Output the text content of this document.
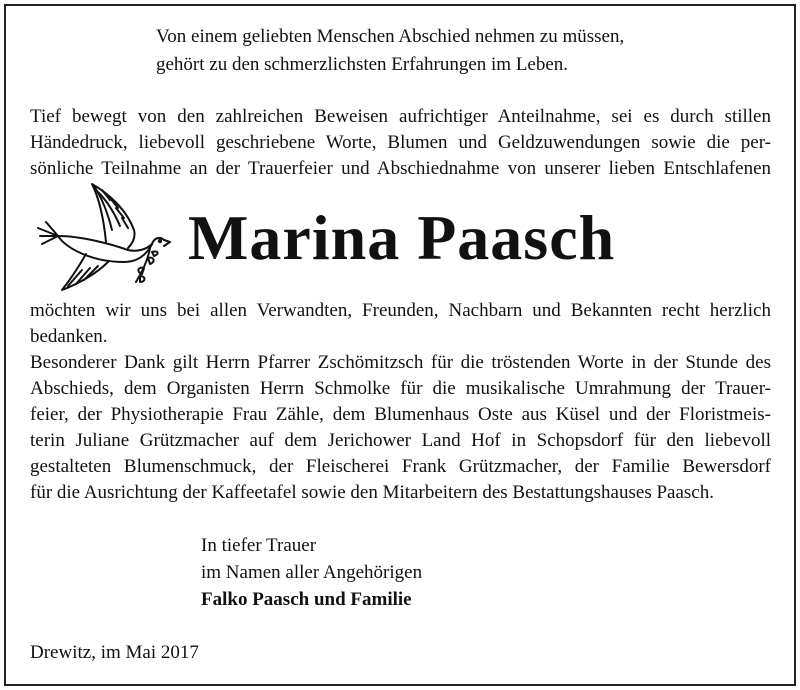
Von einem geliebten Menschen Abschied nehmen zu müssen,
gehört zu den schmerzlichsten Erfahrungen im Leben.
Tief bewegt von den zahlreichen Beweisen aufrichtiger Anteilnahme, sei es durch stillen
Händedruck, liebevoll geschriebene Worte, Blumen und Geldzuwendungen sowie die per-
sönliche Teilnahme an der Trauerfeier und Abschiednahme von unserer lieben Entschlafenen
Marina Paasch
möchten wir uns bei allen Verwandten, Freunden, Nachbarn und Bekannten recht herzlich
bedanken.
Besonderer Dank gilt Herrn Pfarrer Zschömitzsch für die tröstenden Worte in der Stunde des
Abschieds, dem Organisten Herrn Schmolke für die musikalische Umrahmung der Trauer-
feier, der Physiotherapie Frau Zähle, dem Blumenhaus Oste aus Küsel und der Floristmeis-
terin Juliane Grützmacher auf dem Jerichower Land Hof in Schopsdorf für den liebevoll
gestalteten Blumenschmuck, der Fleischerei Frank Grützmacher, der Familie Bewersdorf
für die Ausrichtung der Kaffeetafel sowie den Mitarbeitern des Bestattungshauses Paasch.
In tiefer Trauer
im Namen aller Angehörigen
Falko Paasch und Familie
Drewitz, im Mai 2017
